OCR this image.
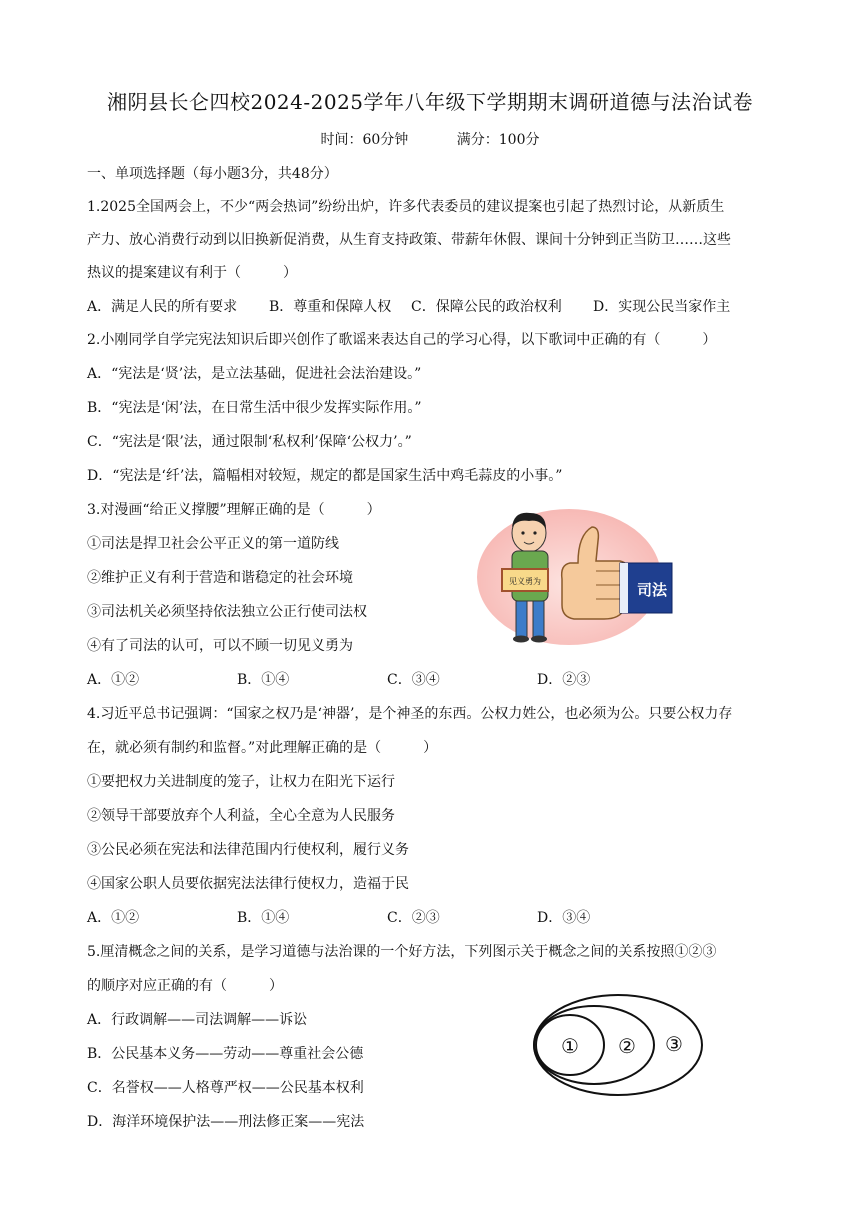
湘阴县长仑四校2024-2025学年八年级下学期期末调研道德与法治试卷
时间：60分钟	满分：100分
一、单项选择题（每小题3分，共48分）
1.2025全国两会上，不少“两会热词”纷纷出炉，许多代表委员的建议提案也引起了热烈讨论，从新质生
产力、放心消费行动到以旧换新促消费，从生育支持政策、带薪年休假、课间十分钟到正当防卫……这些
热议的提案建议有利于（　　　）
A．满足人民的所有要求 B．尊重和保障人权 C．保障公民的政治权利 D．实现公民当家作主
2.小刚同学自学完宪法知识后即兴创作了歌谣来表达自己的学习心得，以下歌词中正确的有（　　　）
A．“宪法是‘贤’法，是立法基础，促进社会法治建设。”
B．“宪法是‘闲’法，在日常生活中很少发挥实际作用。”
C．“宪法是‘限’法，通过限制‘私权利’保障‘公权力’。”
D．“宪法是‘纤’法，篇幅相对较短，规定的都是国家生活中鸡毛蒜皮的小事。”
3.对漫画“给正义撑腰”理解正确的是（　　　）
①司法是捍卫社会公平正义的第一道防线
②维护正义有利于营造和谐稳定的社会环境
③司法机关必须坚持依法独立公正行使司法权
④有了司法的认可，可以不顾一切见义勇为
A．①②	B．①④	C．③④	D．②③
见义勇为	司法
4.习近平总书记强调：“国家之权乃是‘神器’，是个神圣的东西。公权力姓公，也必须为公。只要公权力存
在，就必须有制约和监督。”对此理解正确的是（　　　）
①要把权力关进制度的笼子，让权力在阳光下运行
②领导干部要放弃个人利益，全心全意为人民服务
③公民必须在宪法和法律范围内行使权利，履行义务
④国家公职人员要依据宪法法律行使权力，造福于民
A．①②	B．①④	C．②③	D．③④
5.厘清概念之间的关系，是学习道德与法治课的一个好方法，下列图示关于概念之间的关系按照①②③
的顺序对应正确的有（　　　）
A．行政调解——司法调解——诉讼
B．公民基本义务——劳动——尊重社会公德
C．名誉权——人格尊严权——公民基本权利
D．海洋环境保护法——刑法修正案——宪法
① ② ③
